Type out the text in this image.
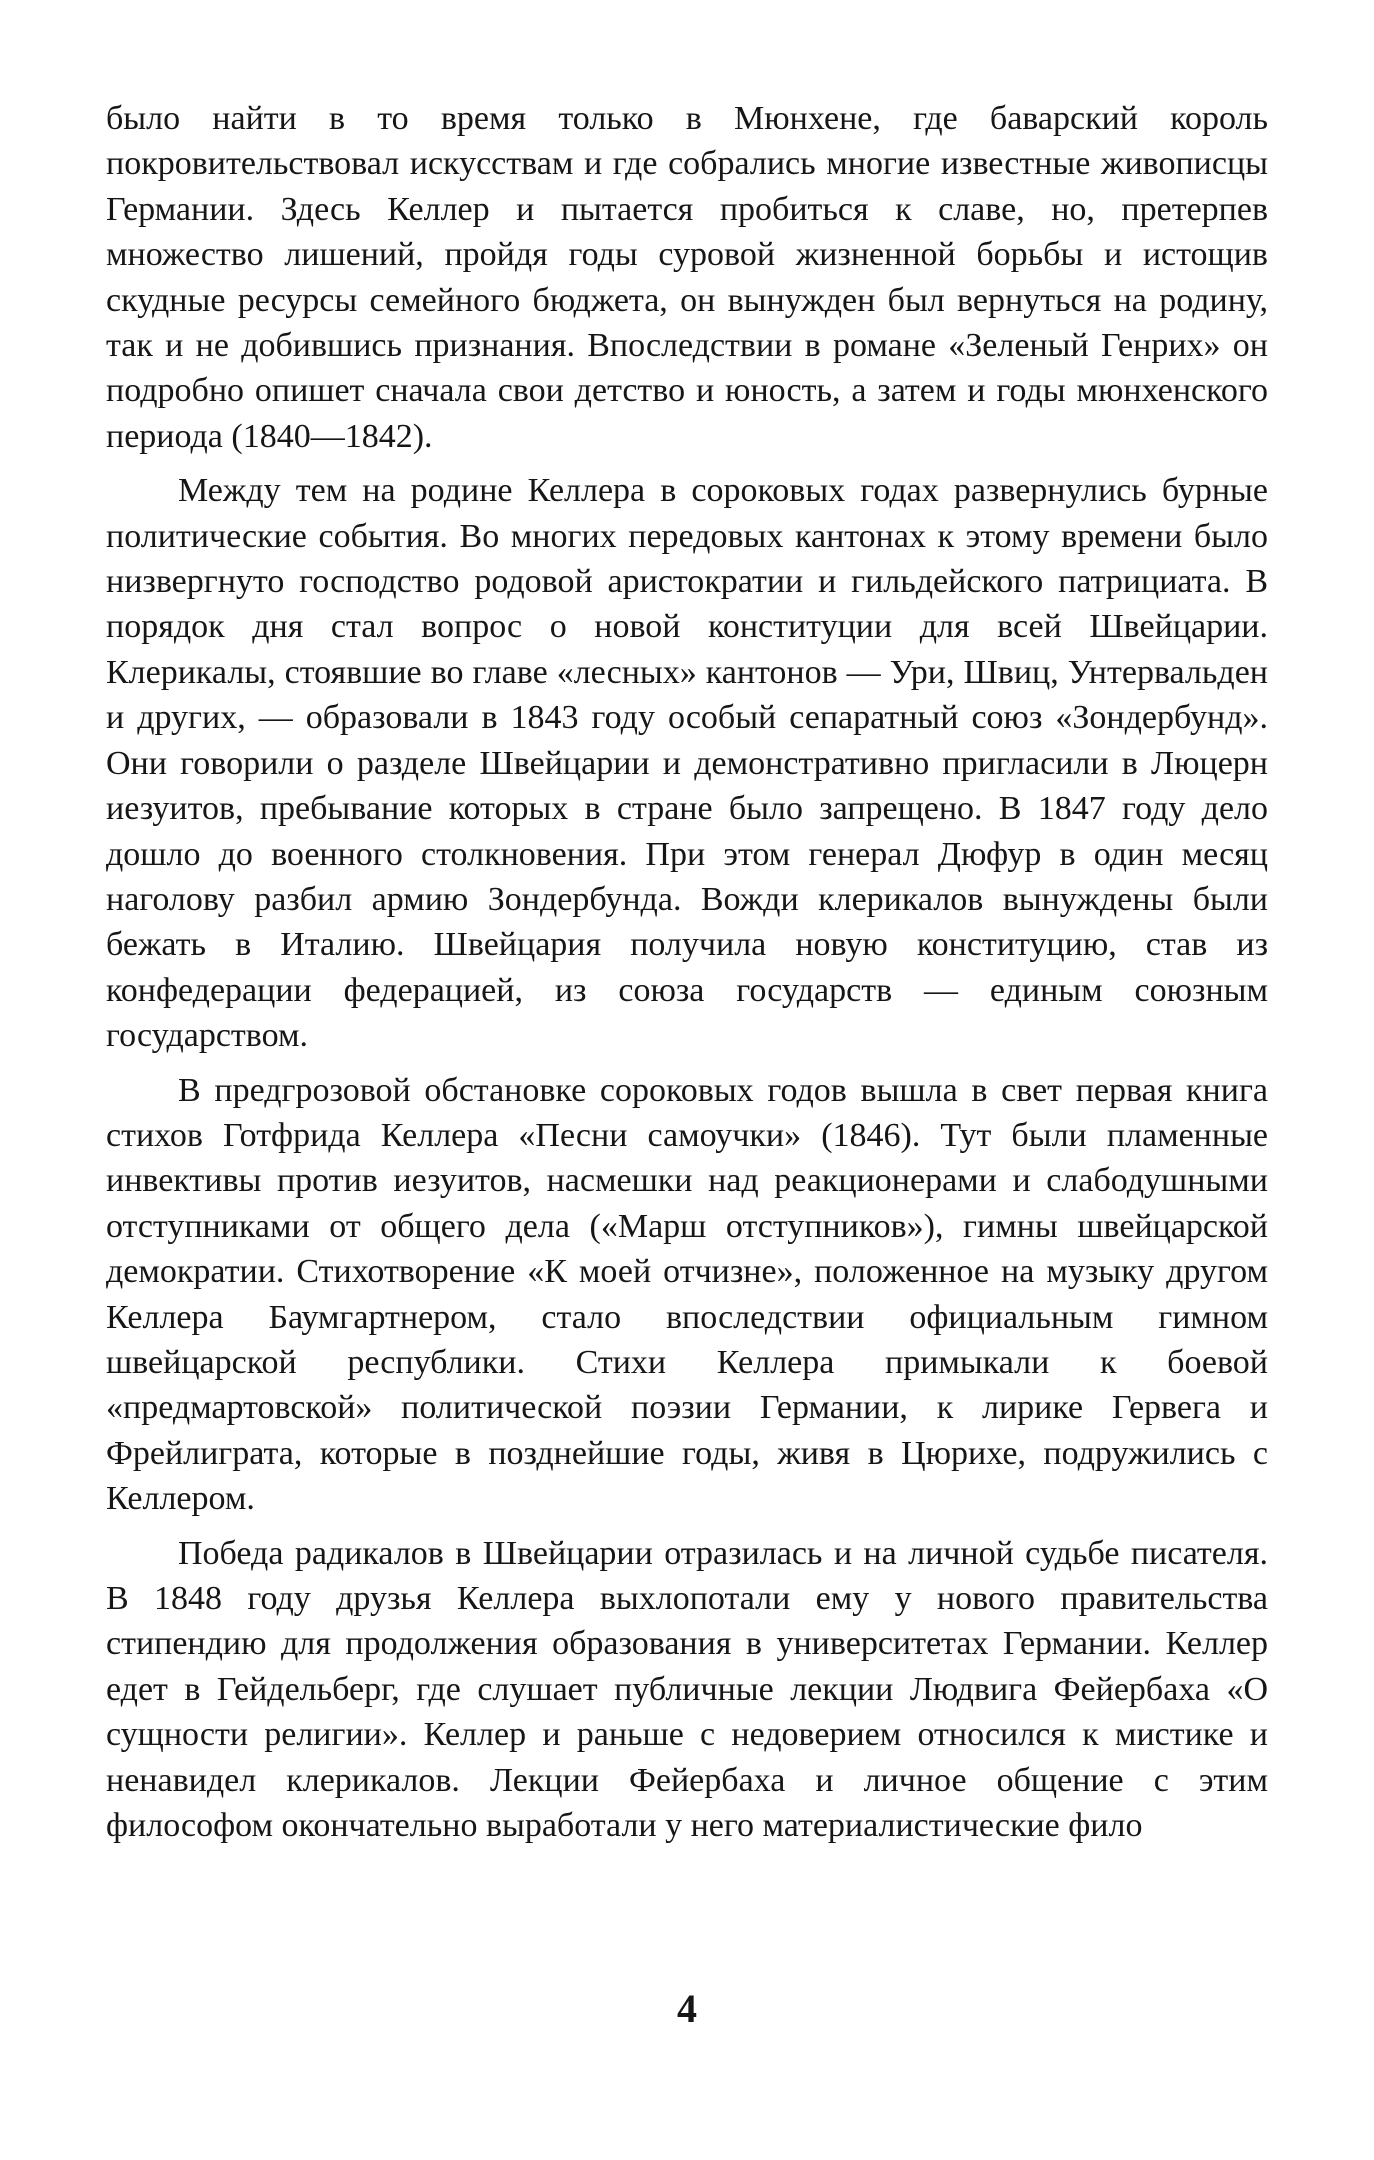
было найти в то время только в Мюнхене, где баварский король покровительствовал искусствам и где собрались многие известные живописцы Германии. Здесь Келлер и пытается пробиться к славе, но, претерпев множество лишений, пройдя годы суровой жизненной борьбы и истощив скудные ресурсы семейного бюджета, он вынужден был вернуться на родину, так и не добившись признания. Впоследствии в романе «Зеленый Генрих» он подробно опишет сначала свои детство и юность, а затем и годы мюнхенского периода (1840—1842).

Между тем на родине Келлера в сороковых годах развернулись бурные политические события. Во многих передовых кантонах к этому времени было низвергнуто господство родовой аристократии и гильдейского патрициата. В порядок дня стал вопрос о новой конституции для всей Швейцарии. Клерикалы, стоявшие во главе «лесных» кантонов — Ури, Швиц, Унтервальден и других, — образовали в 1843 году особый сепаратный союз «Зондербунд». Они говорили о разделе Швейцарии и демонстративно пригласили в Люцерн иезуитов, пребывание которых в стране было запрещено. В 1847 году дело дошло до военного столкновения. При этом генерал Дюфур в один месяц наголову разбил армию Зондербунда. Вожди клерикалов вынуждены были бежать в Италию. Швейцария получила новую конституцию, став из конфедерации федерацией, из союза государств — единым союзным государством.

В предгрозовой обстановке сороковых годов вышла в свет первая книга стихов Готфрида Келлера «Песни самоучки» (1846). Тут были пламенные инвективы против иезуитов, насмешки над реакционерами и слабодушными отступниками от общего дела («Марш отступников»), гимны швейцарской демократии. Стихотворение «К моей отчизне», положенное на музыку другом Келлера Баумгартнером, стало впоследствии официальным гимном швейцарской республики. Стихи Келлера примыкали к боевой «предмартовской» политической поэзии Германии, к лирике Гервега и Фрейлиграта, которые в позднейшие годы, живя в Цюрихе, подружились с Келлером.

Победа радикалов в Швейцарии отразилась и на личной судьбе писателя. В 1848 году друзья Келлера выхлопотали ему у нового правительства стипендию для продолжения образования в университетах Германии. Келлер едет в Гейдельберг, где слушает публичные лекции Людвига Фейербаха «О сущности религии». Келлер и раньше с недоверием относился к мистике и ненавидел клерикалов. Лекции Фейербаха и личное общение с этим философом окончательно выработали у него материалистические фило

4
